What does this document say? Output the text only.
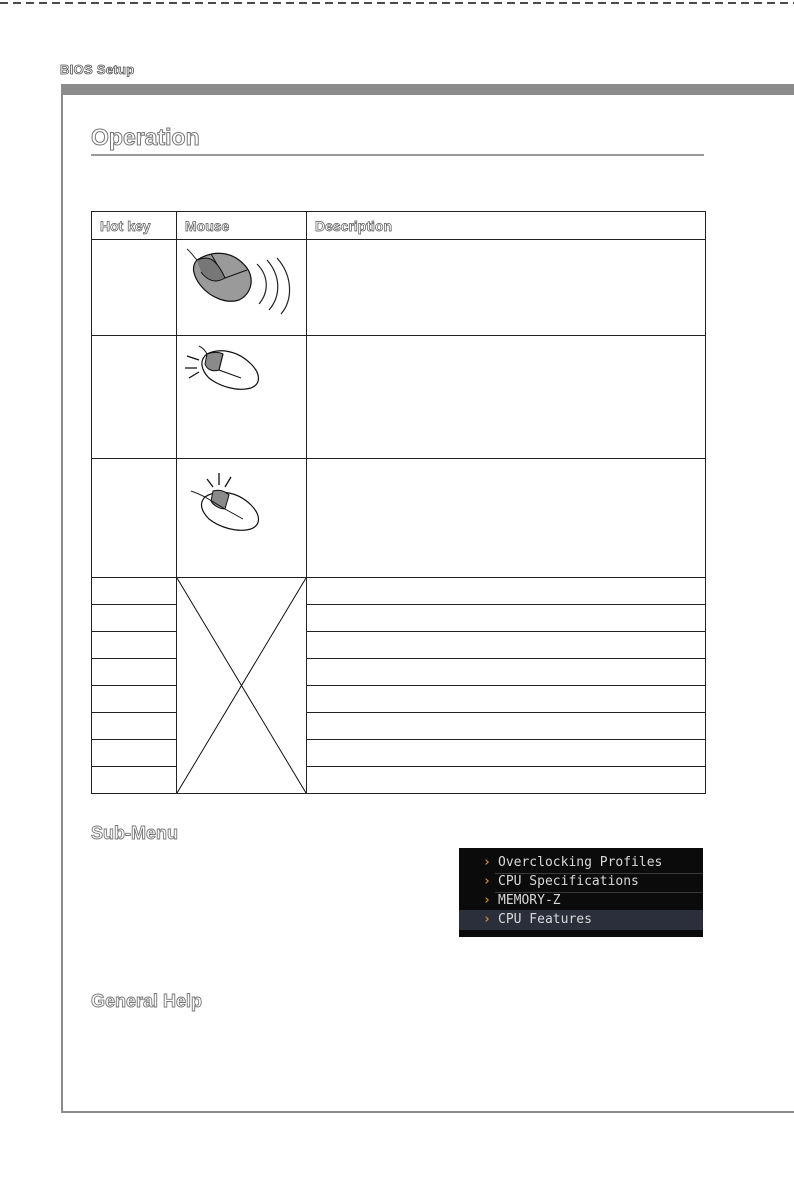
BIOS Setup
Operation
Hot key	Mouse	Description

Sub-Menu
› Overclocking Profiles
› CPU Specifications
› MEMORY-Z
› CPU Features
General Help
